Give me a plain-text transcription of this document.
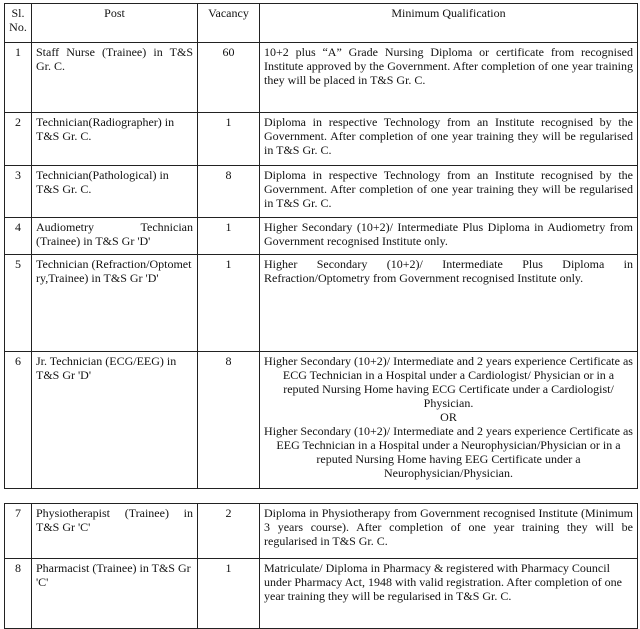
Sl. No.	Post	Vacancy	Minimum Qualification
1	Staff Nurse (Trainee) in T&S Gr. C.	60	10+2 plus “A” Grade Nursing Diploma or certificate from recognised Institute approved by the Government. After completion of one year training they will be placed in T&S Gr. C.
2	Technician(Radiographer) in T&S Gr. C.	1	Diploma in respective Technology from an Institute recognised by the Government. After completion of one year training they will be regularised in T&S Gr. C.
3	Technician(Pathological) in T&S Gr. C.	8	Diploma in respective Technology from an Institute recognised by the Government. After completion of one year training they will be regularised in T&S Gr. C.
4	Audiometry Technician (Trainee) in T&S Gr 'D'	1	Higher Secondary (10+2)/ Intermediate Plus Diploma in Audiometry from Government recognised Institute only.
5	Technician (Refraction/Optometry,Trainee) in T&S Gr 'D'	1	Higher Secondary (10+2)/ Intermediate Plus Diploma in Refraction/Optometry from Government recognised Institute only.
6	Jr. Technician (ECG/EEG) in T&S Gr 'D'	8	Higher Secondary (10+2)/ Intermediate and 2 years experience Certificate as ECG Technician in a Hospital under a Cardiologist/ Physician or in a reputed Nursing Home having ECG Certificate under a Cardiologist/ Physician.

OR

Higher Secondary (10+2)/ Intermediate and 2 years experience Certificate as EEG Technician in a Hospital under a Neurophysician/Physician or in a reputed Nursing Home having EEG Certificate under a Neurophysician/Physician.

7	Physiotherapist (Trainee) in T&S Gr 'C'	2	Diploma in Physiotherapy from Government recognised Institute (Minimum 3 years course). After completion of one year training they will be regularised in T&S Gr. C.
8	Pharmacist (Trainee) in T&S Gr 'C'	1	Matriculate/ Diploma in Pharmacy & registered with Pharmacy Council under Pharmacy Act, 1948 with valid registration. After completion of one year training they will be regularised in T&S Gr. C.
